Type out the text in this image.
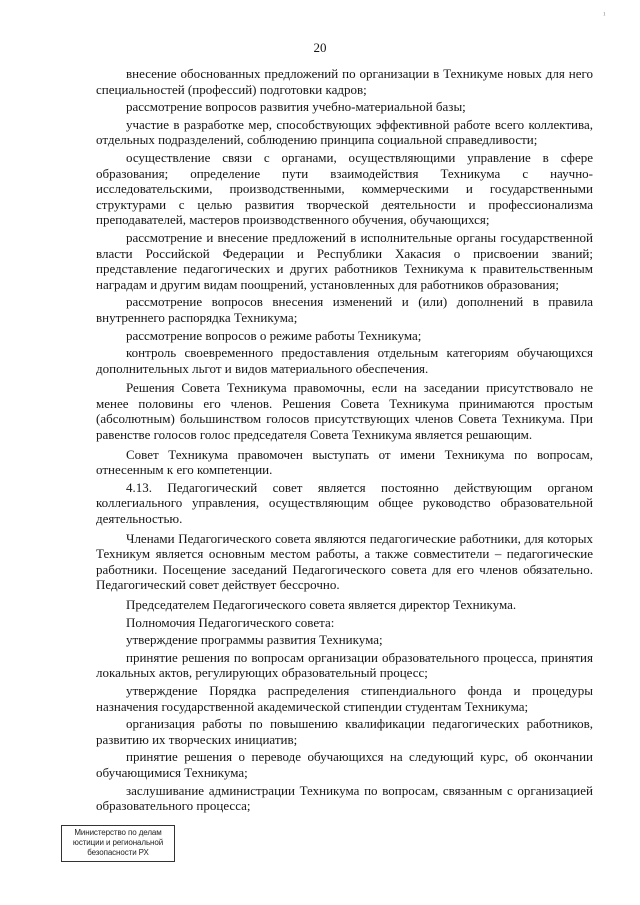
¹
20

внесение обоснованных предложений по организации в Техникуме новых для него специальностей (профессий) подготовки кадров;

рассмотрение вопросов развития учебно-материальной базы;

участие в разработке мер, способствующих эффективной работе всего коллектива, отдельных подразделений, соблюдению принципа социальной справедливости;

осуществление связи с органами, осуществляющими управление в сфере образования; определение пути взаимодействия Техникума с научно-исследовательскими, производственными, коммерческими и государственными структурами с целью развития творческой деятельности и профессионализма преподавателей, мастеров производственного обучения, обучающихся;

рассмотрение и внесение предложений в исполнительные органы государственной власти Российской Федерации и Республики Хакасия о присвоении званий; представление педагогических и других работников Техникума к правительственным наградам и другим видам поощрений, установленных для работников образования;

рассмотрение вопросов внесения изменений и (или) дополнений в правила внутреннего распорядка Техникума;

рассмотрение вопросов о режиме работы Техникума;

контроль своевременного предоставления отдельным категориям обучающихся дополнительных льгот и видов материального обеспечения.

Решения Совета Техникума правомочны, если на заседании присутствовало не менее половины его членов. Решения Совета Техникума принимаются простым (абсолютным) большинством голосов присутствующих членов Совета Техникума. При равенстве голосов голос председателя Совета Техникума является решающим.

Совет Техникума правомочен выступать от имени Техникума по вопросам, отнесенным к его компетенции.

4.13. Педагогический совет является постоянно действующим органом коллегиального управления, осуществляющим общее руководство образовательной деятельностью.

Членами Педагогического совета являются педагогические работники, для которых Техникум является основным местом работы, а также совместители – педагогические работники. Посещение заседаний Педагогического совета для его членов обязательно. Педагогический совет действует бессрочно.

Председателем Педагогического совета является директор Техникума.

Полномочия Педагогического совета:

утверждение программы развития Техникума;

принятие решения по вопросам организации образовательного процесса, принятия локальных актов, регулирующих образовательный процесс;

утверждение Порядка распределения стипендиального фонда и процедуры назначения государственной академической стипендии студентам Техникума;

организация работы по повышению квалификации педагогических работников, развитию их творческих инициатив;

принятие решения о переводе обучающихся на следующий курс, об окончании обучающимися Техникума;

заслушивание администрации Техникума по вопросам, связанным с организацией образовательного процесса;

Министерство по делам
юстиции и региональной
безопасности РХ
